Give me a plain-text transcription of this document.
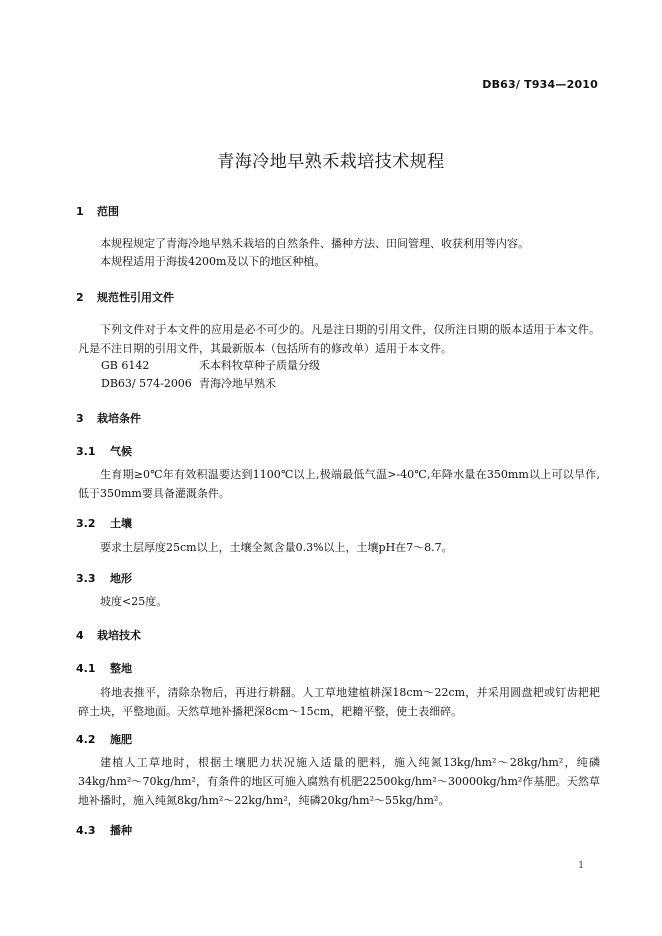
DB63/ T934—2010
青海冷地早熟禾栽培技术规程
1 范围
本规程规定了青海冷地早熟禾栽培的自然条件、播种方法、田间管理、收获利用等内容。
本规程适用于海拔4200m及以下的地区种植。
2 规范性引用文件
下列文件对于本文件的应用是必不可少的。凡是注日期的引用文件，仅所注日期的版本适用于本文件。凡是不注日期的引用文件，其最新版本（包括所有的修改单）适用于本文件。
GB 6142	禾本科牧草种子质量分级
DB63/ 574-2006 青海冷地早熟禾
3 栽培条件
3.1 气候
生育期≥0℃年有效积温要达到1100℃以上,极端最低气温>-40℃,年降水量在350mm以上可以旱作,低于350mm要具备灌溉条件。
3.2 土壤
要求土层厚度25cm以上，土壤全氮含量0.3%以上，土壤pH在7～8.7。
3.3 地形
坡度<25度。
4 栽培技术
4.1 整地
将地表推平，清除杂物后，再进行耕翻。人工草地建植耕深18cm～22cm，并采用圆盘耙或钉齿耙耙碎土块，平整地面。天然草地补播耙深8cm～15cm，耙耱平整，使土表细碎。
4.2 施肥
建植人工草地时，根据土壤肥力状况施入适量的肥料，施入纯氮13kg/hm²～28kg/hm²，纯磷34kg/hm²～70kg/hm²，有条件的地区可施入腐熟有机肥22500kg/hm²～30000kg/hm²作基肥。天然草地补播时，施入纯氮8kg/hm²～22kg/hm²，纯磷20kg/hm²～55kg/hm²。
4.3 播种
1
